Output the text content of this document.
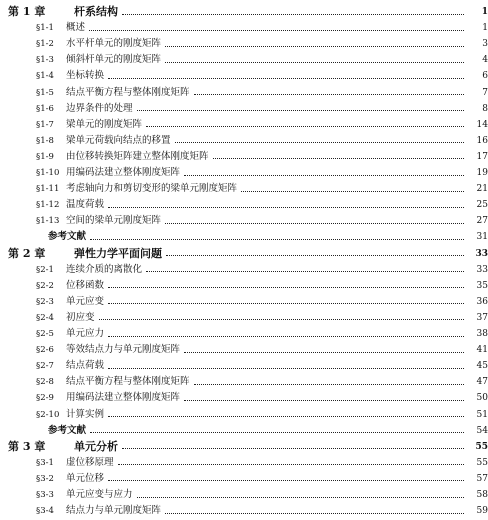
第 1 章	杆系结构	1
§1-1	概述	1
§1-2	水平杆单元的刚度矩阵	3
§1-3	倾斜杆单元的刚度矩阵	4
§1-4	坐标转换	6
§1-5	结点平衡方程与整体刚度矩阵	7
§1-6	边界条件的处理	8
§1-7	梁单元的刚度矩阵	14
§1-8	梁单元荷载向结点的移置	16
§1-9	由位移转换矩阵建立整体刚度矩阵	17
§1-10 用编码法建立整体刚度矩阵	19
§1-11 考虑轴向力和剪切变形的梁单元刚度矩阵	21
§1-12 温度荷载	25
§1-13 空间的梁单元刚度矩阵	27
参考文献	31
第 2 章	弹性力学平面问题	33
§2-1	连续介质的离散化	33
§2-2	位移函数	35
§2-3	单元应变	36
§2-4	初应变	37
§2-5	单元应力	38
§2-6	等效结点力与单元刚度矩阵	41
§2-7	结点荷载	45
§2-8	结点平衡方程与整体刚度矩阵	47
§2-9	用编码法建立整体刚度矩阵	50
§2-10 计算实例	51
参考文献	54
第 3 章	单元分析	55
§3-1	虚位移原理	55
§3-2	单元位移	57
§3-3	单元应变与应力	58
§3-4	结点力与单元刚度矩阵	59
